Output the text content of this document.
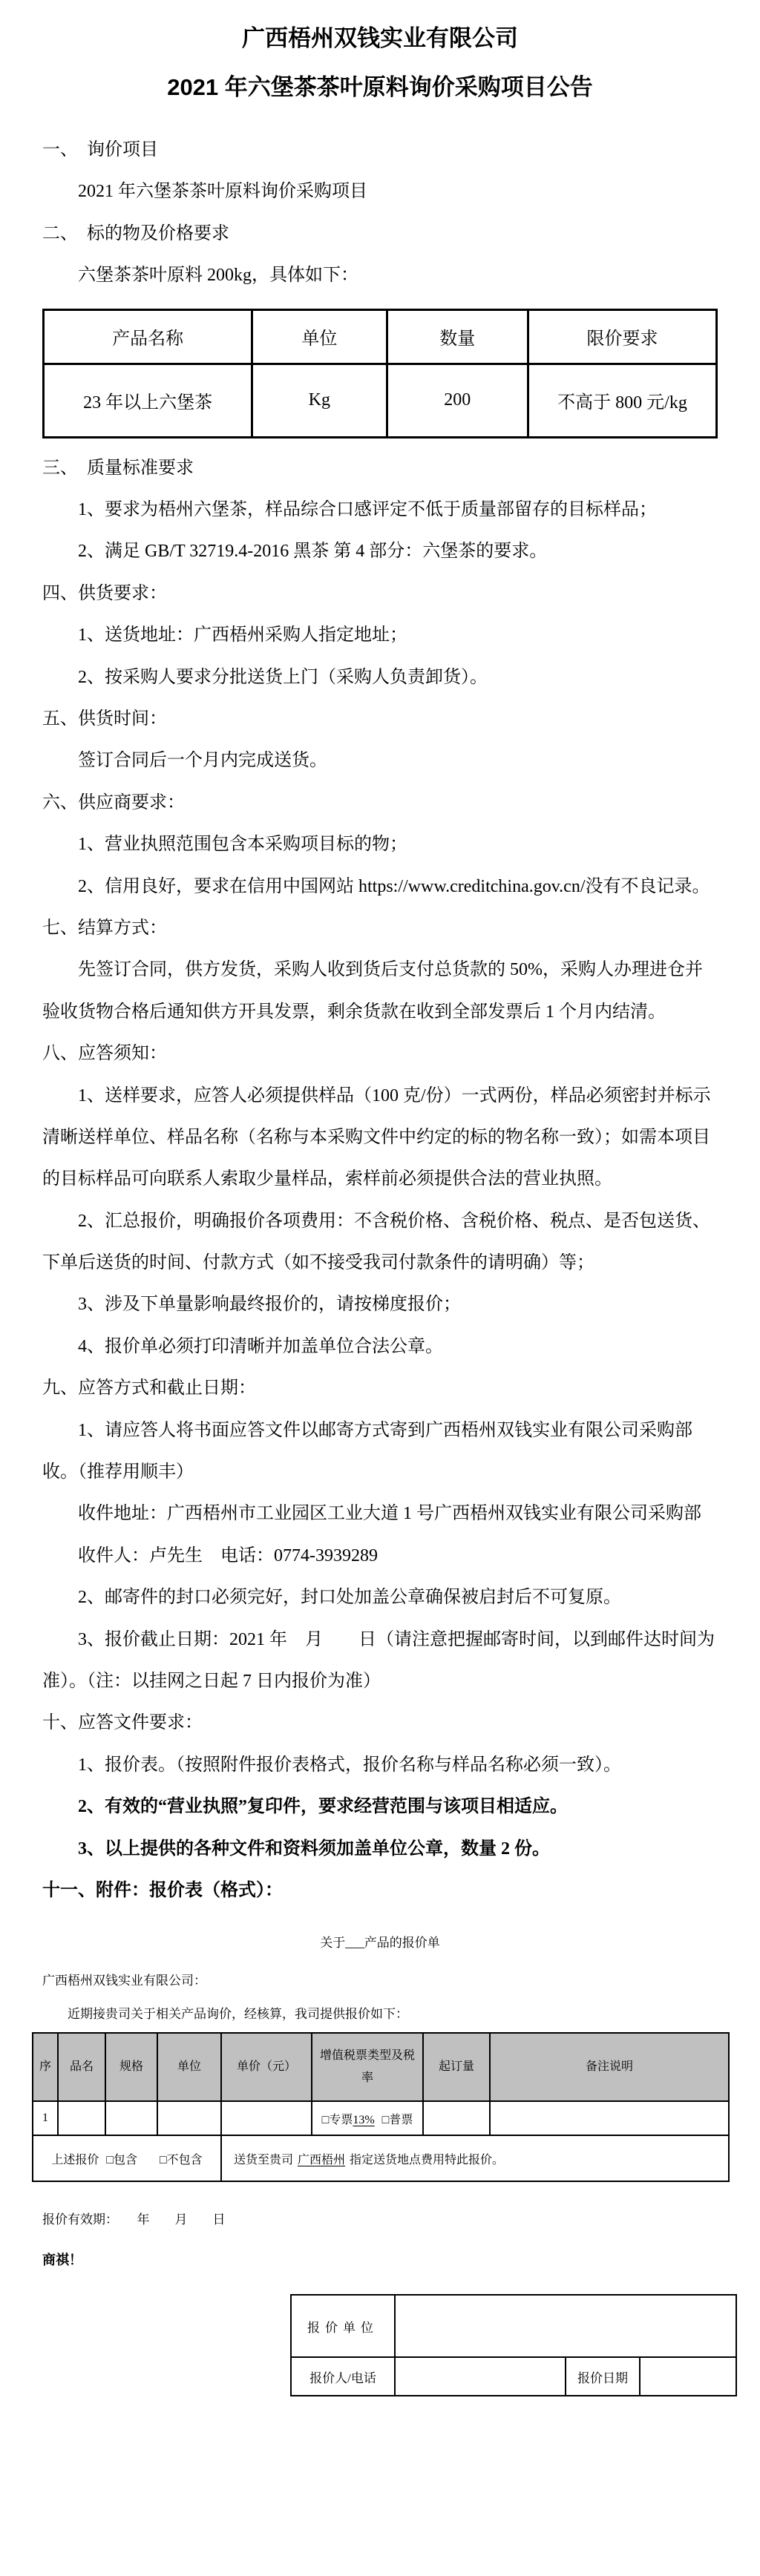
广西梧州双钱实业有限公司

2021 年六堡茶茶叶原料询价采购项目公告

一、　询价项目

2021 年六堡茶茶叶原料询价采购项目

二、　标的物及价格要求

六堡茶茶叶原料 200kg，具体如下：

产品名称	单位	数量	限价要求
23 年以上六堡茶	Kg	200	不高于 800 元/kg

三、　质量标准要求

1、要求为梧州六堡茶，样品综合口感评定不低于质量部留存的目标样品；

2、满足 GB/T 32719.4-2016 黑茶 第 4 部分：六堡茶的要求。

四、供货要求：

1、送货地址：广西梧州采购人指定地址；

2、按采购人要求分批送货上门（采购人负责卸货）。

五、供货时间：

签订合同后一个月内完成送货。

六、供应商要求：

1、营业执照范围包含本采购项目标的物；

2、信用良好，要求在信用中国网站 https://www.creditchina.gov.cn/没有不良记录。

七、结算方式：

先签订合同，供方发货，采购人收到货后支付总货款的 50%，采购人办理进仓并验收货物合格后通知供方开具发票，剩余货款在收到全部发票后 1 个月内结清。

八、应答须知：

1、送样要求，应答人必须提供样品（100 克/份）一式两份，样品必须密封并标示清晰送样单位、样品名称（名称与本采购文件中约定的标的物名称一致）；如需本项目的目标样品可向联系人索取少量样品，索样前必须提供合法的营业执照。

2、汇总报价，明确报价各项费用：不含税价格、含税价格、税点、是否包送货、下单后送货的时间、付款方式（如不接受我司付款条件的请明确）等；

3、涉及下单量影响最终报价的，请按梯度报价；

4、报价单必须打印清晰并加盖单位合法公章。

九、应答方式和截止日期：

1、请应答人将书面应答文件以邮寄方式寄到广西梧州双钱实业有限公司采购部收。（推荐用顺丰）

收件地址：广西梧州市工业园区工业大道 1 号广西梧州双钱实业有限公司采购部

收件人：卢先生　电话：0774-3939289

2、邮寄件的封口必须完好，封口处加盖公章确保被启封后不可复原。

3、报价截止日期：2021 年　月　　日（请注意把握邮寄时间，以到邮件达时间为准）。（注：以挂网之日起 7 日内报价为准）

十、应答文件要求：

1、报价表。（按照附件报价表格式，报价名称与样品名称必须一致）。

2、有效的“营业执照”复印件，要求经营范围与该项目相适应。

3、以上提供的各种文件和资料须加盖单位公章，数量 2 份。

十一、附件：报价表（格式）：

关于___产品的报价单

广西梧州双钱实业有限公司：

近期接贵司关于相关产品询价，经核算，我司提供报价如下：

序	品名	规格	单位	单价（元）	增值税票类型及税率	起订量	备注说明
1					□专票13% □普票		
上述报价 □包含 □不包含				送货至贵司 广西梧州 指定送货地点费用特此报价。			

报价有效期：　　年　　月　　日

商祺！

报价单位			
报价人/电话		报价日期	
